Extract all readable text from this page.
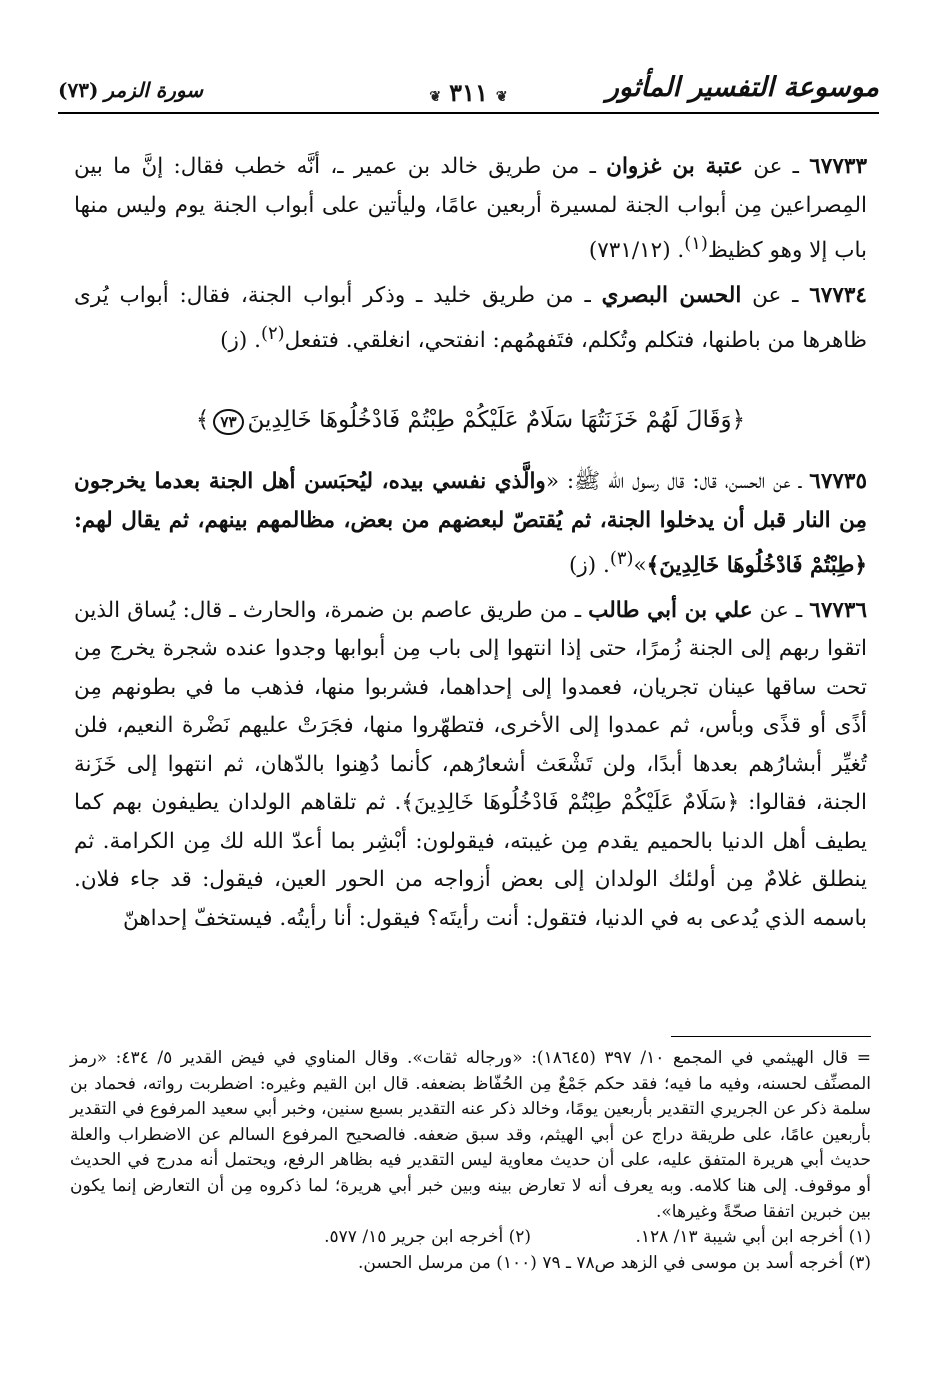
موسوعة التفسير المأثور
❦٣١١❦
سورة الزمر(٧٣)

٦٧٧٣٣ ـ عن عتبة بن غزوان ـ من طريق خالد بن عمير ـ، أنَّه خطب فقال: إنَّ ما بين المِصراعين مِن أبواب الجنة لمسيرة أربعين عامًا، وليأتين على أبواب الجنة يوم وليس منها باب إلا وهو كظيظ$^{(١)}$. (٧٣١/١٢)

٦٧٧٣٤ ـ عن الحسن البصري ـ من طريق خليد ـ وذكر أبواب الجنة، فقال: أبواب يُرى ظاهرها من باطنها، فتكلم وتُكلم، فتَفهمُهم: انفتحي، انغلقي. فتفعل$^{(٢)}$. (ز)

﴿وَقَالَ لَهُمْ خَزَنَتُهَا سَلَامٌ عَلَيْكُمْ طِبْتُمْ فَادْخُلُوهَا خَالِدِينَ٧٣﴾

٦٧٧٣٥ ـ عن الحسن، قال: قال رسول الله ﷺ: «والَّذي نفسي بيده، ليُحبَسن أهل الجنة بعدما يخرجون مِن النار قبل أن يدخلوا الجنة، ثم يُقتصّ لبعضهم من بعض، مظالمهم بينهم، ثم يقال لهم: ﴿طِبْتُمْ فَادْخُلُوهَا خَالِدِينَ﴾»$^{(٣)}$. (ز)

٦٧٧٣٦ ـ عن علي بن أبي طالب ـ من طريق عاصم بن ضمرة، والحارث ـ قال: يُساق الذين اتقوا ربهم إلى الجنة زُمرًا، حتى إذا انتهوا إلى باب مِن أبوابها وجدوا عنده شجرة يخرج مِن تحت ساقها عينان تجريان، فعمدوا إلى إحداهما، فشربوا منها، فذهب ما في بطونهم مِن أذًى أو قذًى وبأس، ثم عمدوا إلى الأخرى، فتطهّروا منها، فجَرَتْ عليهم نَضْرة النعيم، فلن تُغيِّر أبشارُهم بعدها أبدًا، ولن تَشْعَث أشعارُهم، كأنما دُهِنوا بالدّهان، ثم انتهوا إلى خَزَنة الجنة، فقالوا: ﴿سَلَامٌ عَلَيْكُمْ طِبْتُمْ فَادْخُلُوهَا خَالِدِينَ﴾. ثم تلقاهم الولدان يطيفون بهم كما يطيف أهل الدنيا بالحميم يقدم مِن غيبته، فيقولون: أبْشِر بما أعدّ الله لك مِن الكرامة. ثم ينطلق غلامٌ مِن أولئك الولدان إلى بعض أزواجه من الحور العين، فيقول: قد جاء فلان. باسمه الذي يُدعى به في الدنيا، فتقول: أنت رأيتَه؟ فيقول: أنا رأيتُه. فيستخفّ إحداهنّ

= قال الهيثمي في المجمع ١٠/ ٣٩٧ (١٨٦٤٥): «ورجاله ثقات». وقال المناوي في فيض القدير ٥/ ٤٣٤: «رمز المصنِّف لحسنه، وفيه ما فيه؛ فقد حكم جَمْعٌ مِن الحُفّاظ بضعفه. قال ابن القيم وغيره: اضطربت رواته، فحماد بن سلمة ذكر عن الجريري التقدير بأربعين يومًا، وخالد ذكر عنه التقدير بسبع سنين، وخبر أبي سعيد المرفوع في التقدير بأربعين عامًا، على طريقة دراج عن أبي الهيثم، وقد سبق ضعفه. فالصحيح المرفوع السالم عن الاضطراب والعلة حديث أبي هريرة المتفق عليه، على أن حديث معاوية ليس التقدير فيه بظاهر الرفع، ويحتمل أنه مدرج في الحديث أو موقوف. إلى هنا كلامه. وبه يعرف أنه لا تعارض بينه وبين خبر أبي هريرة؛ لما ذكروه مِن أن التعارض إنما يكون بين خبرين اتفقا صحّةً وغيرها».

(١) أخرجه ابن أبي شيبة ١٣/ ١٢٨.
(٢) أخرجه ابن جرير ١٥/ ٥٧٧.

(٣) أخرجه أسد بن موسى في الزهد ص٧٨ ـ ٧٩ (١٠٠) من مرسل الحسن.
